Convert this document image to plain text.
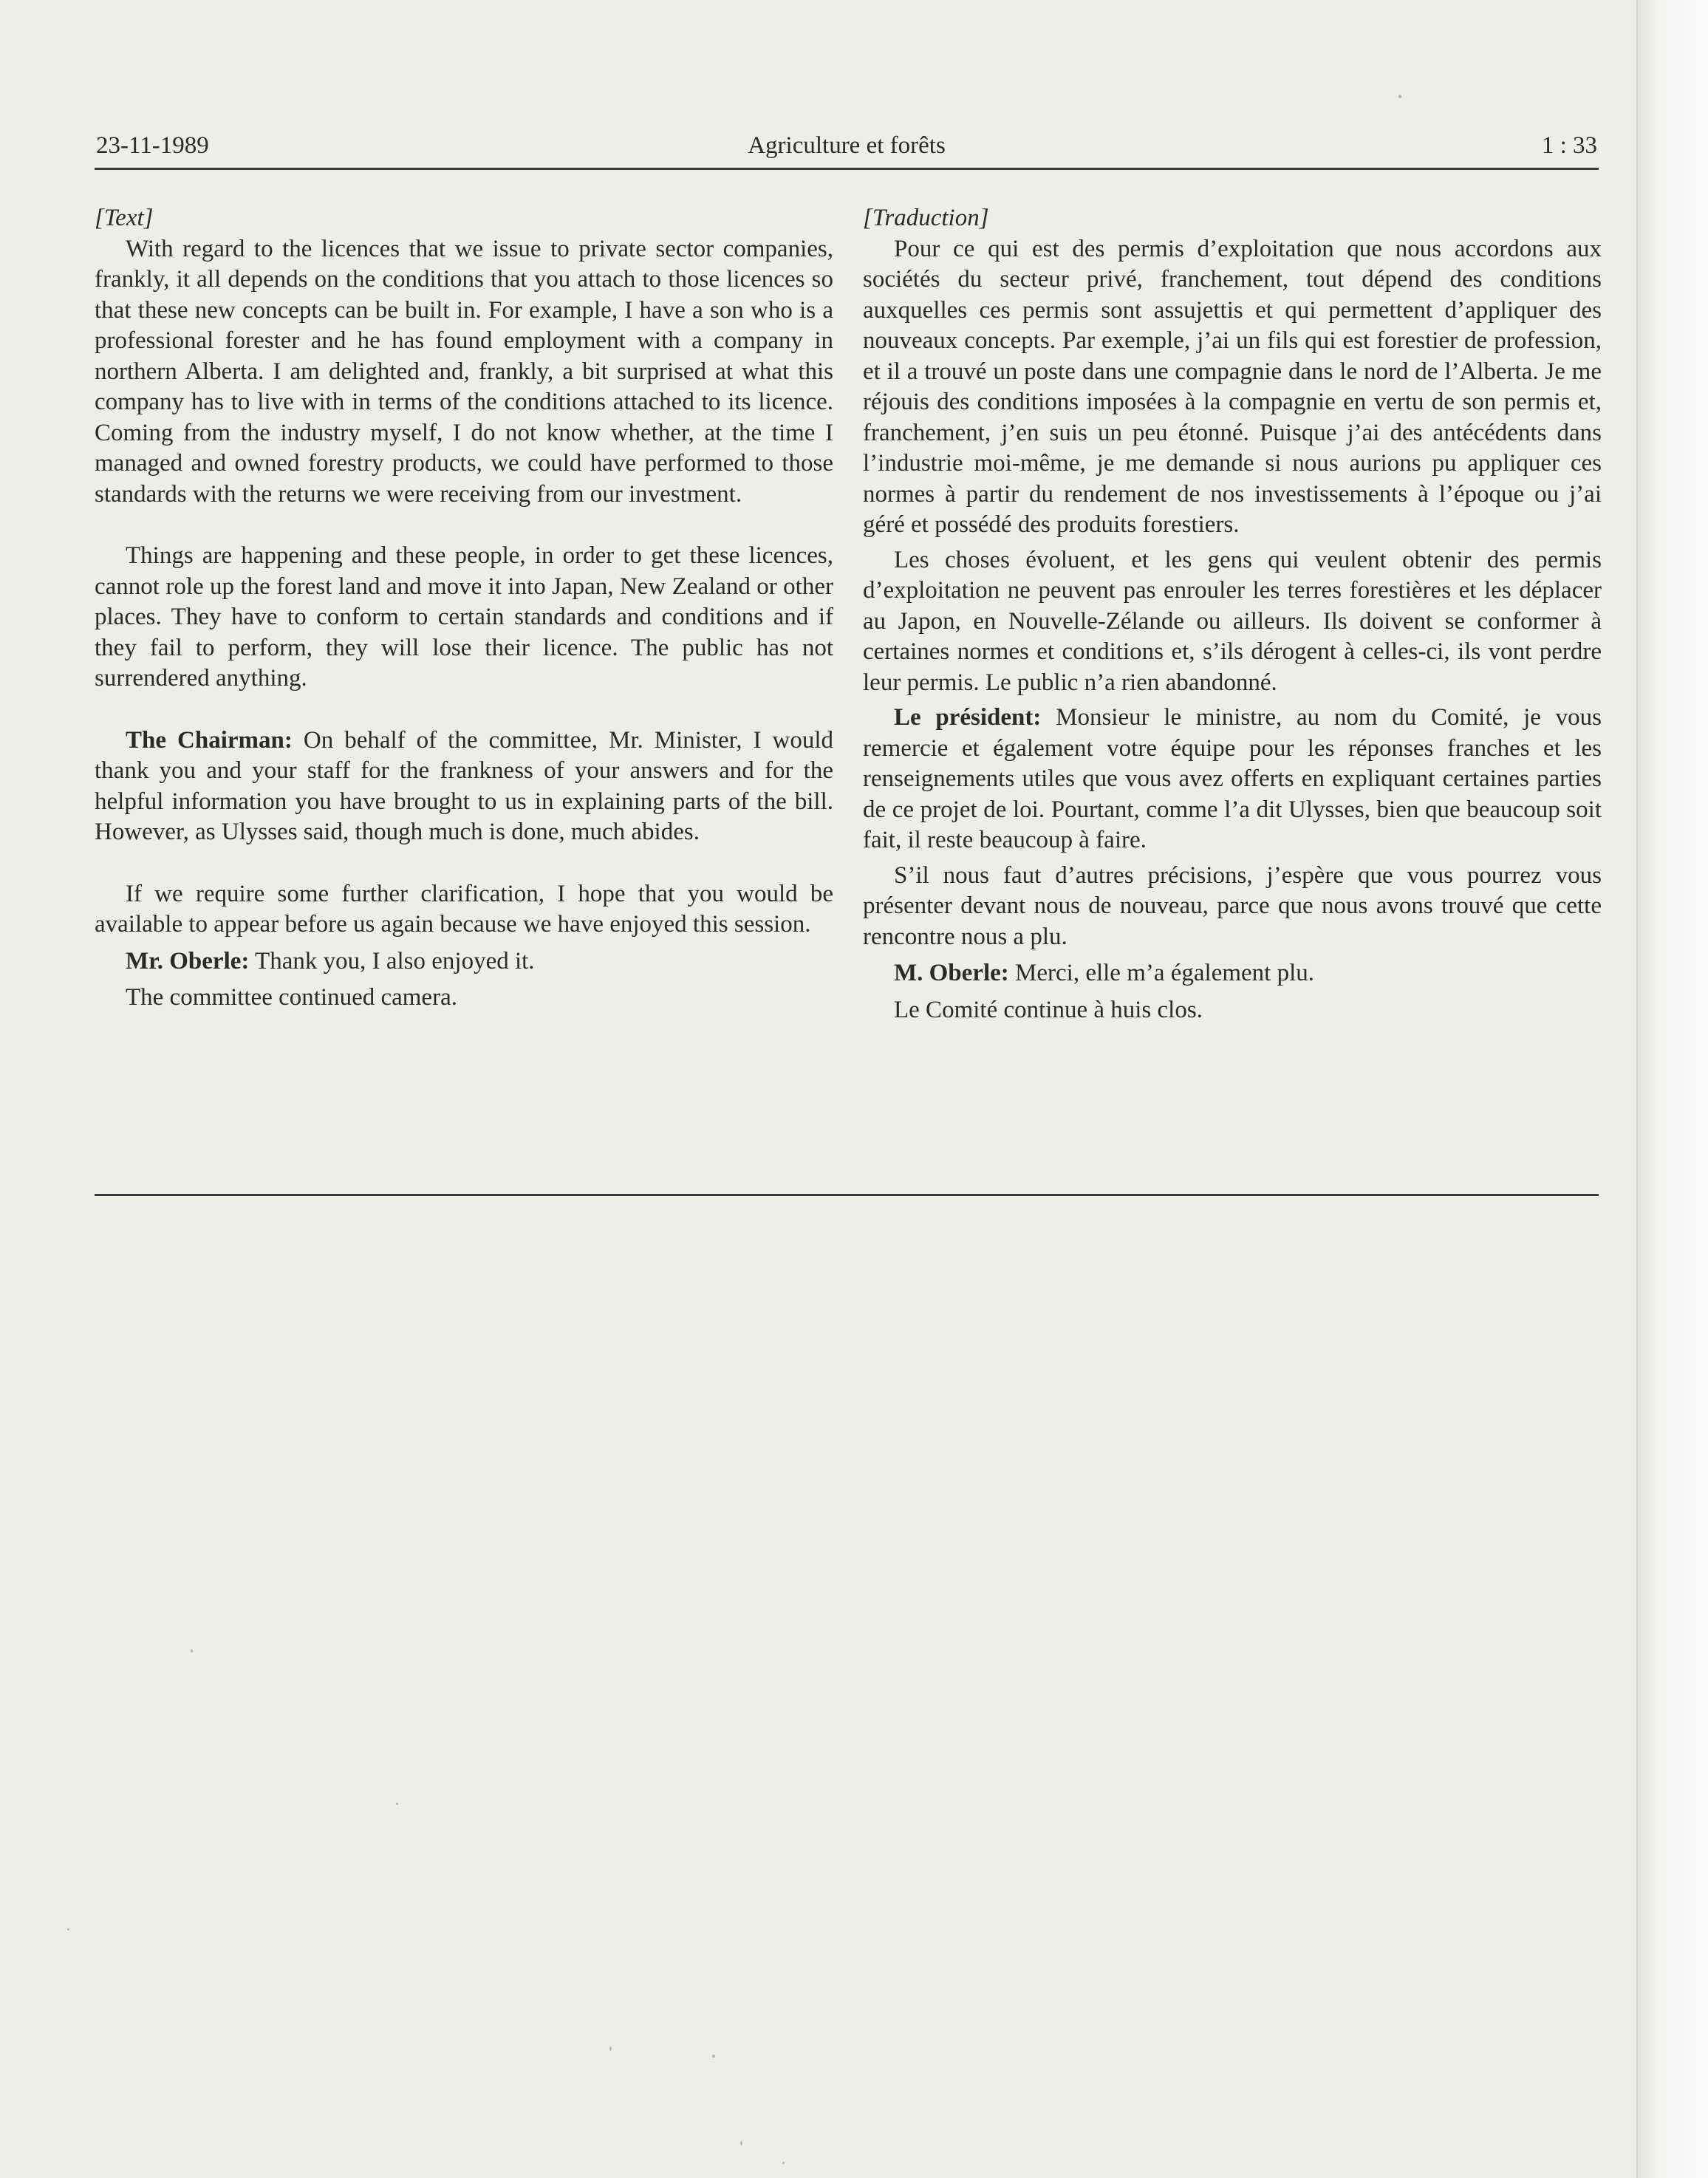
23-11-1989	Agriculture et forêts	1 : 33

[Text]

With regard to the licences that we issue to private sector companies, frankly, it all depends on the conditions that you attach to those licences so that these new concepts can be built in. For example, I have a son who is a professional forester and he has found employment with a company in northern Alberta. I am delighted and, frankly, a bit surprised at what this company has to live with in terms of the conditions attached to its licence. Coming from the industry myself, I do not know whether, at the time I managed and owned forestry products, we could have performed to those standards with the returns we were receiving from our investment.

Things are happening and these people, in order to get these licences, cannot role up the forest land and move it into Japan, New Zealand or other places. They have to conform to certain standards and conditions and if they fail to perform, they will lose their licence. The public has not surrendered anything.

The Chairman: On behalf of the committee, Mr. Minister, I would thank you and your staff for the frankness of your answers and for the helpful information you have brought to us in explaining parts of the bill. However, as Ulysses said, though much is done, much abides.

If we require some further clarification, I hope that you would be available to appear before us again because we have enjoyed this session.

Mr. Oberle: Thank you, I also enjoyed it.

The committee continued camera.

[Traduction]

Pour ce qui est des permis d’exploitation que nous accordons aux sociétés du secteur privé, franchement, tout dépend des conditions auxquelles ces permis sont assujettis et qui permettent d’appliquer des nouveaux concepts. Par exemple, j’ai un fils qui est forestier de profession, et il a trouvé un poste dans une compagnie dans le nord de l’Alberta. Je me réjouis des conditions imposées à la compagnie en vertu de son permis et, franchement, j’en suis un peu étonné. Puisque j’ai des antécédents dans l’industrie moi-même, je me demande si nous aurions pu appliquer ces normes à partir du rendement de nos investissements à l’époque ou j’ai géré et possédé des produits forestiers.

Les choses évoluent, et les gens qui veulent obtenir des permis d’exploitation ne peuvent pas enrouler les terres forestières et les déplacer au Japon, en Nouvelle-Zélande ou ailleurs. Ils doivent se conformer à certaines normes et conditions et, s’ils dérogent à celles-ci, ils vont perdre leur permis. Le public n’a rien abandonné.

Le président: Monsieur le ministre, au nom du Comité, je vous remercie et également votre équipe pour les réponses franches et les renseignements utiles que vous avez offerts en expliquant certaines parties de ce projet de loi. Pourtant, comme l’a dit Ulysses, bien que beaucoup soit fait, il reste beaucoup à faire.

S’il nous faut d’autres précisions, j’espère que vous pourrez vous présenter devant nous de nouveau, parce que nous avons trouvé que cette rencontre nous a plu.

M. Oberle: Merci, elle m’a également plu.

Le Comité continue à huis clos.
